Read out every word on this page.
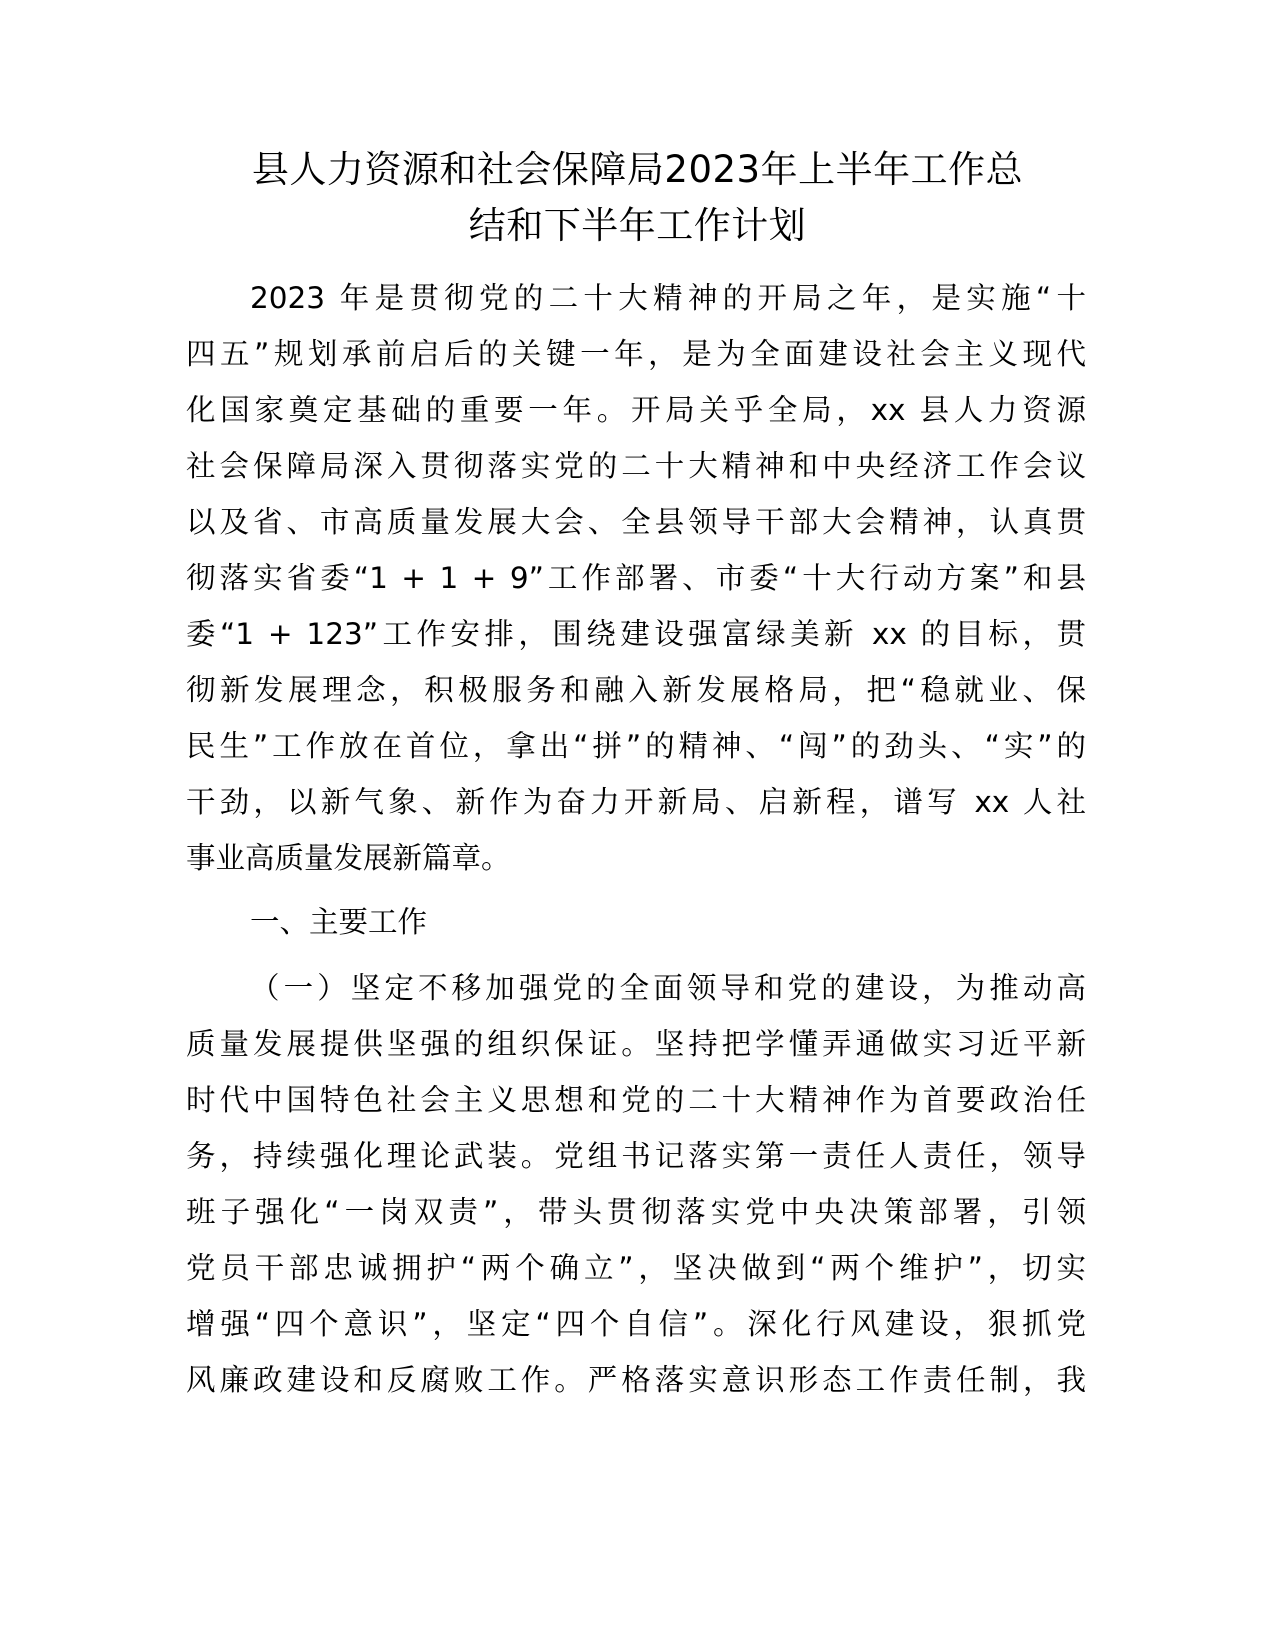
县人力资源和社会保障局2023年上半年工作总
结和下半年工作计划
2023 年是贯彻党的二十大精神的开局之年，是实施“十
四五”规划承前启后的关键一年，是为全面建设社会主义现代
化国家奠定基础的重要一年。开局关乎全局，xx 县人力资源
社会保障局深入贯彻落实党的二十大精神和中央经济工作会议
以及省、市高质量发展大会、全县领导干部大会精神，认真贯
彻落实省委“1 + 1 + 9”工作部署、市委“十大行动方案”和县
委“1 + 123”工作安排，围绕建设强富绿美新 xx 的目标，贯
彻新发展理念，积极服务和融入新发展格局，把“稳就业、保
民生”工作放在首位，拿出“拼”的精神、“闯”的劲头、“实”的
干劲，以新气象、新作为奋力开新局、启新程，谱写 xx 人社
事业高质量发展新篇章。
一、主要工作
（一）坚定不移加强党的全面领导和党的建设，为推动高
质量发展提供坚强的组织保证。坚持把学懂弄通做实习近平新
时代中国特色社会主义思想和党的二十大精神作为首要政治任
务，持续强化理论武装。党组书记落实第一责任人责任，领导
班子强化“一岗双责”，带头贯彻落实党中央决策部署，引领
党员干部忠诚拥护“两个确立”，坚决做到“两个维护”，切实
增强“四个意识”，坚定“四个自信”。深化行风建设，狠抓党
风廉政建设和反腐败工作。严格落实意识形态工作责任制，我
